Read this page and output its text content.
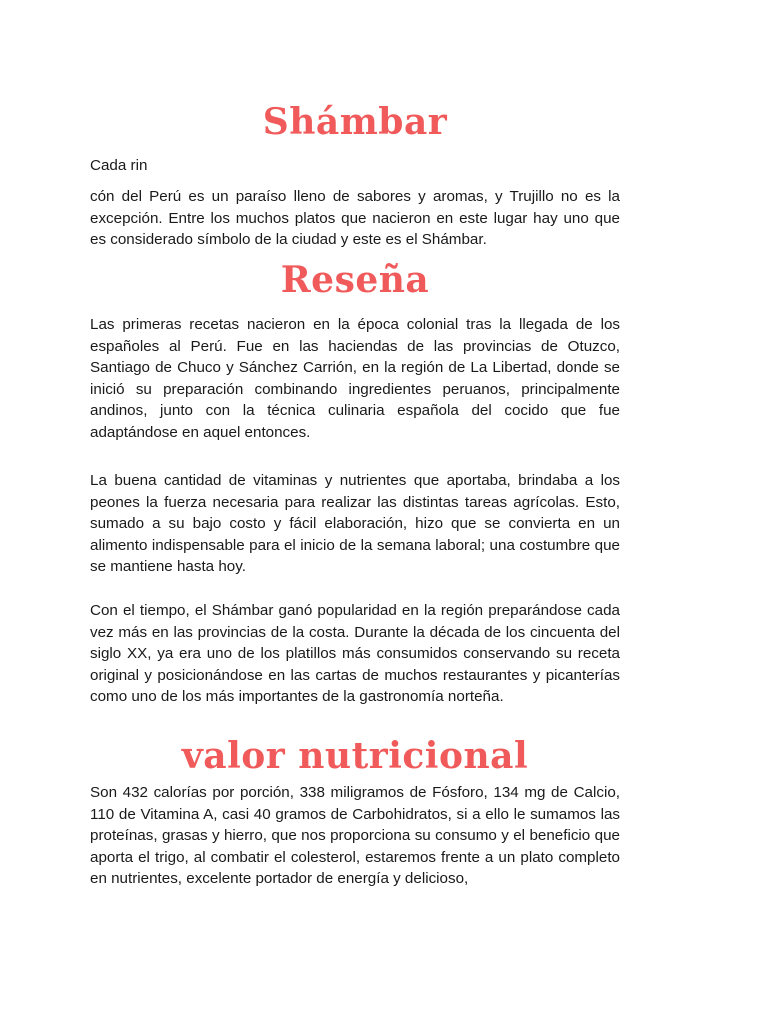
Shámbar

Cada rin

cón del Perú es un paraíso lleno de sabores y aromas, y Trujillo no es la excepción. Entre los muchos platos que nacieron en este lugar hay uno que es considerado símbolo de la ciudad y este es el Shámbar.

Reseña

Las primeras recetas nacieron en la época colonial tras la llegada de los españoles al Perú. Fue en las haciendas de las provincias de Otuzco, Santiago de Chuco y Sánchez Carrión, en la región de La Libertad, donde se inició su preparación combinando ingredientes peruanos, principalmente andinos, junto con la técnica culinaria española del cocido que fue adaptándose en aquel entonces.

La buena cantidad de vitaminas y nutrientes que aportaba, brindaba a los peones la fuerza necesaria para realizar las distintas tareas agrícolas. Esto, sumado a su bajo costo y fácil elaboración, hizo que se convierta en un alimento indispensable para el inicio de la semana laboral; una costumbre que se mantiene hasta hoy.

Con el tiempo, el Shámbar ganó popularidad en la región preparándose cada vez más en las provincias de la costa. Durante la década de los cincuenta del siglo XX, ya era uno de los platillos más consumidos conservando su receta original y posicionándose en las cartas de muchos restaurantes y picanterías como uno de los más importantes de la gastronomía norteña.

valor nutricional

Son 432 calorías por porción, 338 miligramos de Fósforo, 134 mg de Calcio, 110 de Vitamina A, casi 40 gramos de Carbohidratos, si a ello le sumamos las proteínas, grasas y hierro, que nos proporciona su consumo y el beneficio que aporta el trigo, al combatir el colesterol, estaremos frente a un plato completo en nutrientes, excelente portador de energía y delicioso,
